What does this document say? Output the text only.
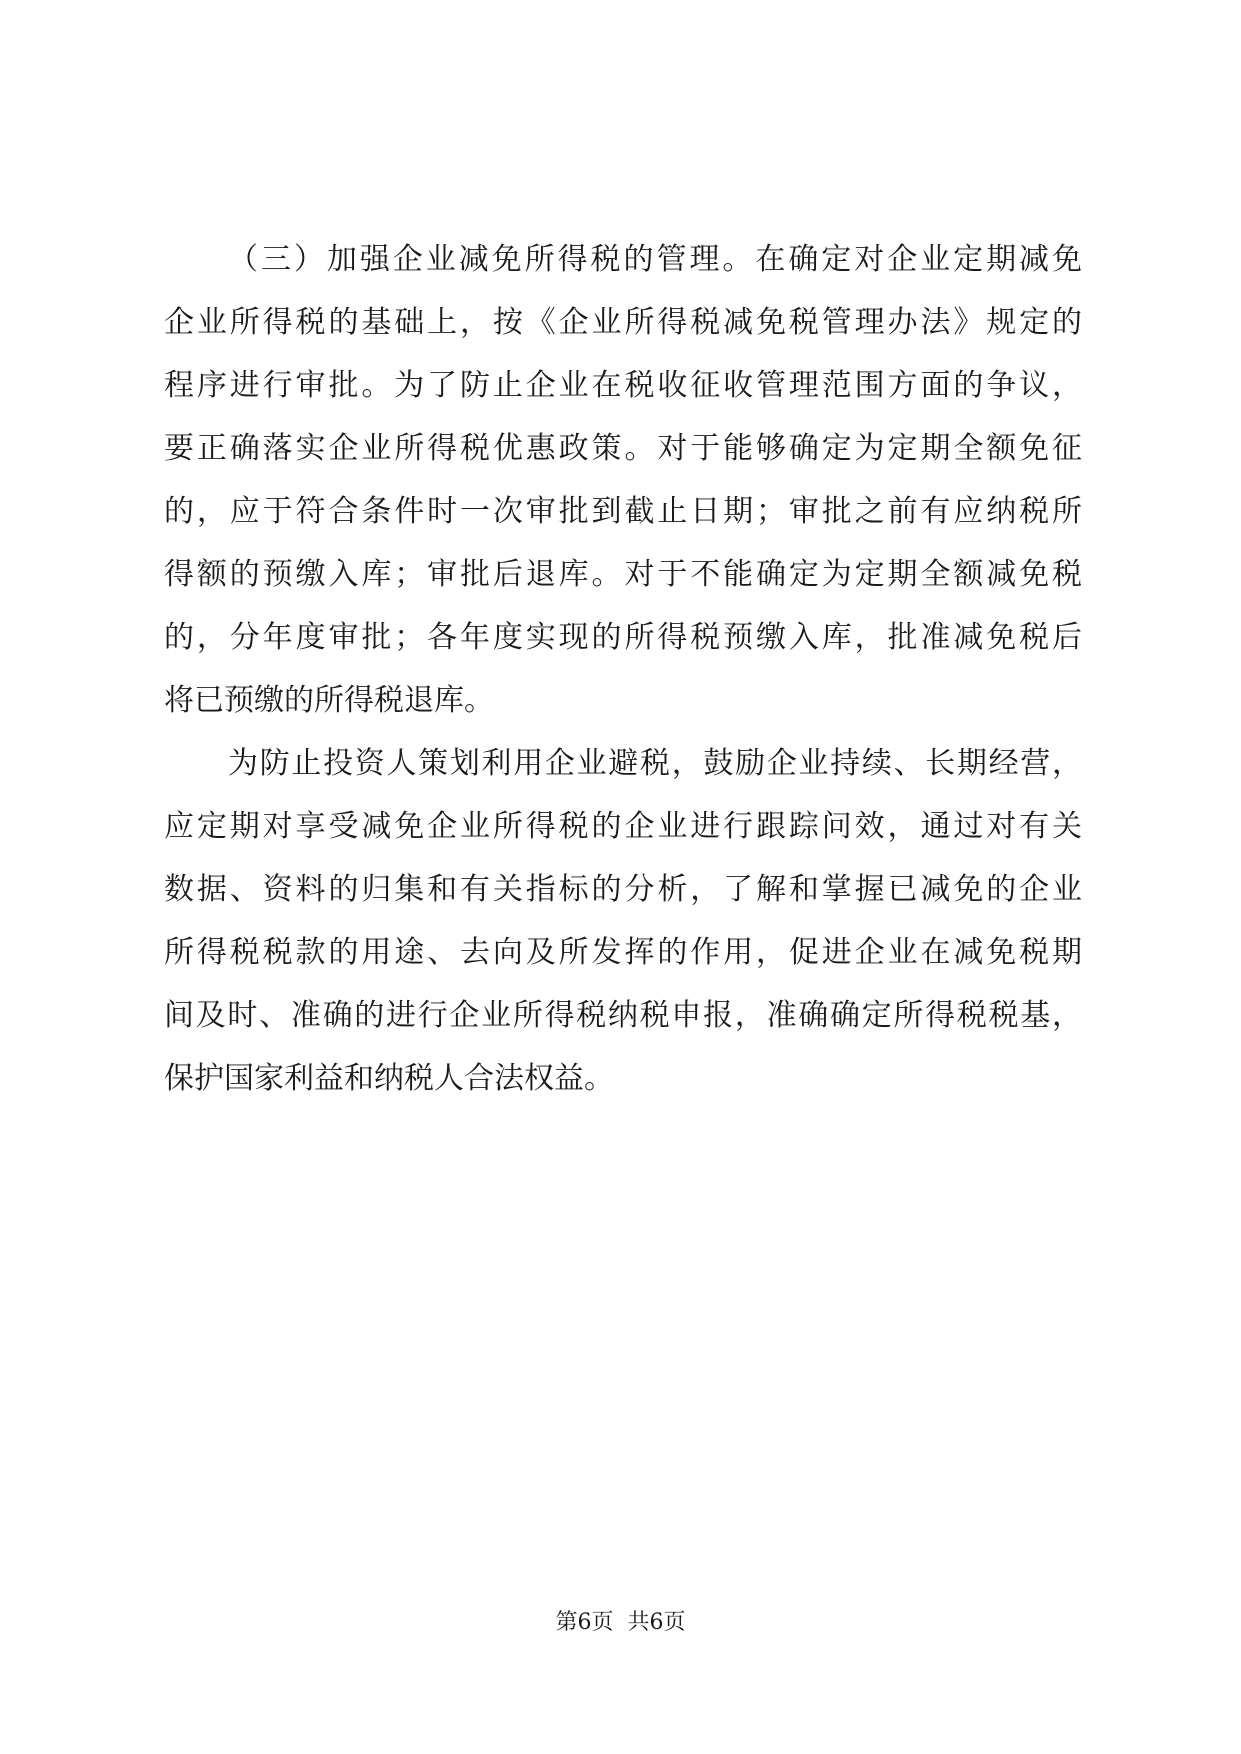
（三）加强企业减免所得税的管理。在确定对企业定期减免
企业所得税的基础上，按《企业所得税减免税管理办法》规定的
程序进行审批。为了防止企业在税收征收管理范围方面的争议，
要正确落实企业所得税优惠政策。对于能够确定为定期全额免征
的，应于符合条件时一次审批到截止日期；审批之前有应纳税所
得额的预缴入库；审批后退库。对于不能确定为定期全额减免税
的，分年度审批；各年度实现的所得税预缴入库，批准减免税后
将已预缴的所得税退库。
为防止投资人策划利用企业避税，鼓励企业持续、长期经营，
应定期对享受减免企业所得税的企业进行跟踪问效，通过对有关
数据、资料的归集和有关指标的分析，了解和掌握已减免的企业
所得税税款的用途、去向及所发挥的作用，促进企业在减免税期
间及时、准确的进行企业所得税纳税申报，准确确定所得税税基，
保护国家利益和纳税人合法权益。
第6页 共6页
